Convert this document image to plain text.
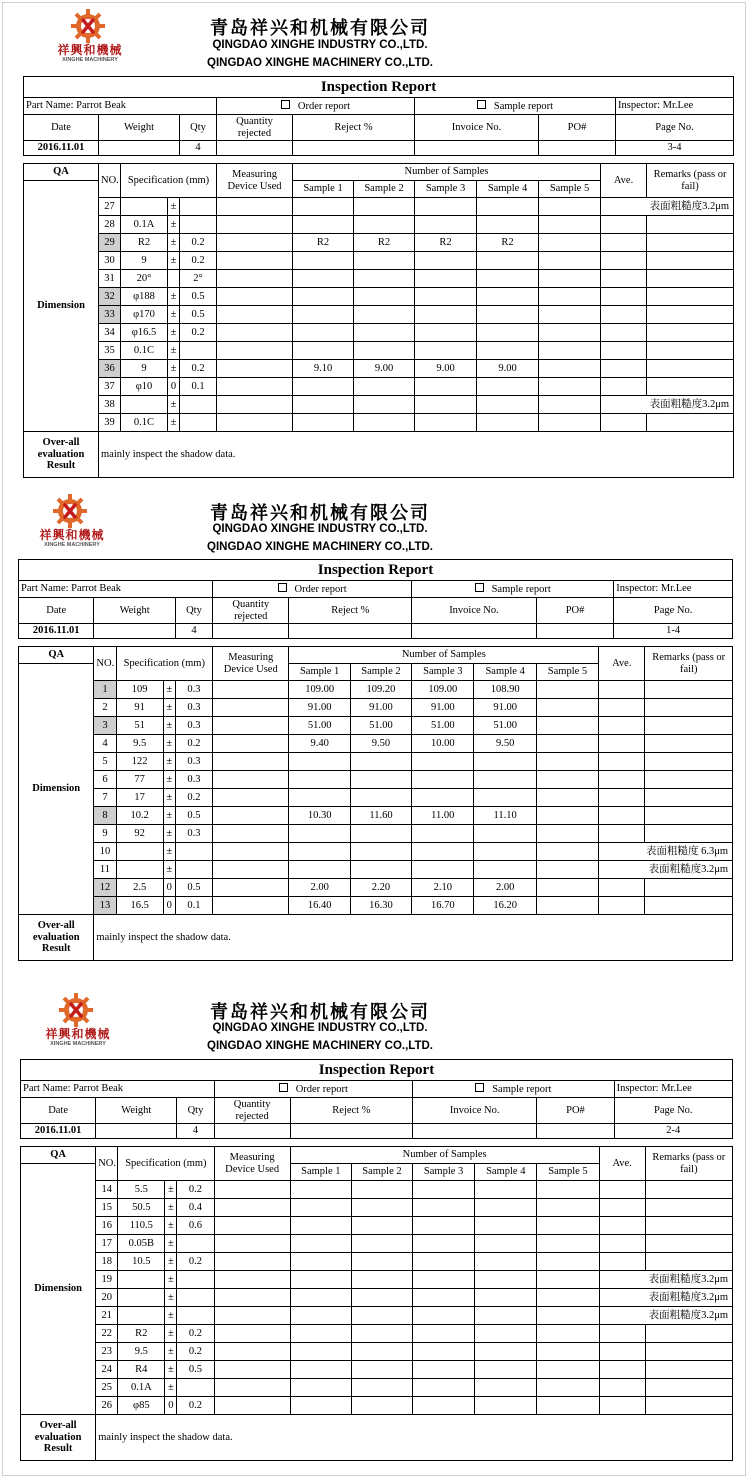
祥興和機械
XINGHE MACHINERY
青岛祥兴和机械有限公司
QINGDAO XINGHE INDUSTRY CO.,LTD.
QINGDAO XINGHE MACHINERY CO.,LTD.
Inspection Report							
Part Name: Parrot Beak			Order report		Sample report		Inspector: Mr.Lee
Date	Weight	Qty	Quantity rejected	Reject %	Invoice No.	PO#	Page No.
2016.11.01		4					3-4
QA	NO.	Specification (mm)			Measuring Device Used	Number of Samples					Ave.	Remarks (pass or fail)
Dimension						Sample 1	Sample 2	Sample 3	Sample 4	Sample 5		
	27		±								表面粗糙度3.2μm	
	28	0.1A	±									
	29	R2	±	0.2		R2	R2	R2	R2			
	30	9	±	0.2								
	31	20°		2°								
	32	φ188	±	0.5								
	33	φ170	±	0.5								
	34	φ16.5	±	0.2								
	35	0.1C	±									
	36	9	±	0.2		9.10	9.00	9.00	9.00			
	37	φ10	0	0.1								
	38		±								表面粗糙度3.2μm	
	39	0.1C	±									
Over-all evaluation Result	mainly inspect the shadow data.											
祥興和機械
XINGHE MACHINERY
青岛祥兴和机械有限公司
QINGDAO XINGHE INDUSTRY CO.,LTD.
QINGDAO XINGHE MACHINERY CO.,LTD.
Inspection Report							
Part Name: Parrot Beak			Order report		Sample report		Inspector: Mr.Lee
Date	Weight	Qty	Quantity rejected	Reject %	Invoice No.	PO#	Page No.
2016.11.01		4					1-4
QA	NO.	Specification (mm)			Measuring Device Used	Number of Samples					Ave.	Remarks (pass or fail)
Dimension						Sample 1	Sample 2	Sample 3	Sample 4	Sample 5		
	1	109	±	0.3		109.00	109.20	109.00	108.90			
	2	91	±	0.3		91.00	91.00	91.00	91.00			
	3	51	±	0.3		51.00	51.00	51.00	51.00			
	4	9.5	±	0.2		9.40	9.50	10.00	9.50			
	5	122	±	0.3								
	6	77	±	0.3								
	7	17	±	0.2								
	8	10.2	±	0.5		10.30	11.60	11.00	11.10			
	9	92	±	0.3								
	10		±								表面粗糙度 6.3μm	
	11		±								表面粗糙度3.2μm	
	12	2.5	0	0.5		2.00	2.20	2.10	2.00			
	13	16.5	0	0.1		16.40	16.30	16.70	16.20			
Over-all evaluation Result	mainly inspect the shadow data.											
祥興和機械
XINGHE MACHINERY
青岛祥兴和机械有限公司
QINGDAO XINGHE INDUSTRY CO.,LTD.
QINGDAO XINGHE MACHINERY CO.,LTD.
Inspection Report							
Part Name: Parrot Beak			Order report		Sample report		Inspector: Mr.Lee
Date	Weight	Qty	Quantity rejected	Reject %	Invoice No.	PO#	Page No.
2016.11.01		4					2-4
QA	NO.	Specification (mm)			Measuring Device Used	Number of Samples					Ave.	Remarks (pass or fail)
Dimension						Sample 1	Sample 2	Sample 3	Sample 4	Sample 5		
	14	5.5	±	0.2								
	15	50.5	±	0.4								
	16	110.5	±	0.6								
	17	0.05B	±									
	18	10.5	±	0.2								
	19		±								表面粗糙度3.2μm	
	20		±								表面粗糙度3.2μm	
	21		±								表面粗糙度3.2μm	
	22	R2	±	0.2								
	23	9.5	±	0.2								
	24	R4	±	0.5								
	25	0.1A	±									
	26	φ85	0	0.2								
Over-all evaluation Result	mainly inspect the shadow data.											
